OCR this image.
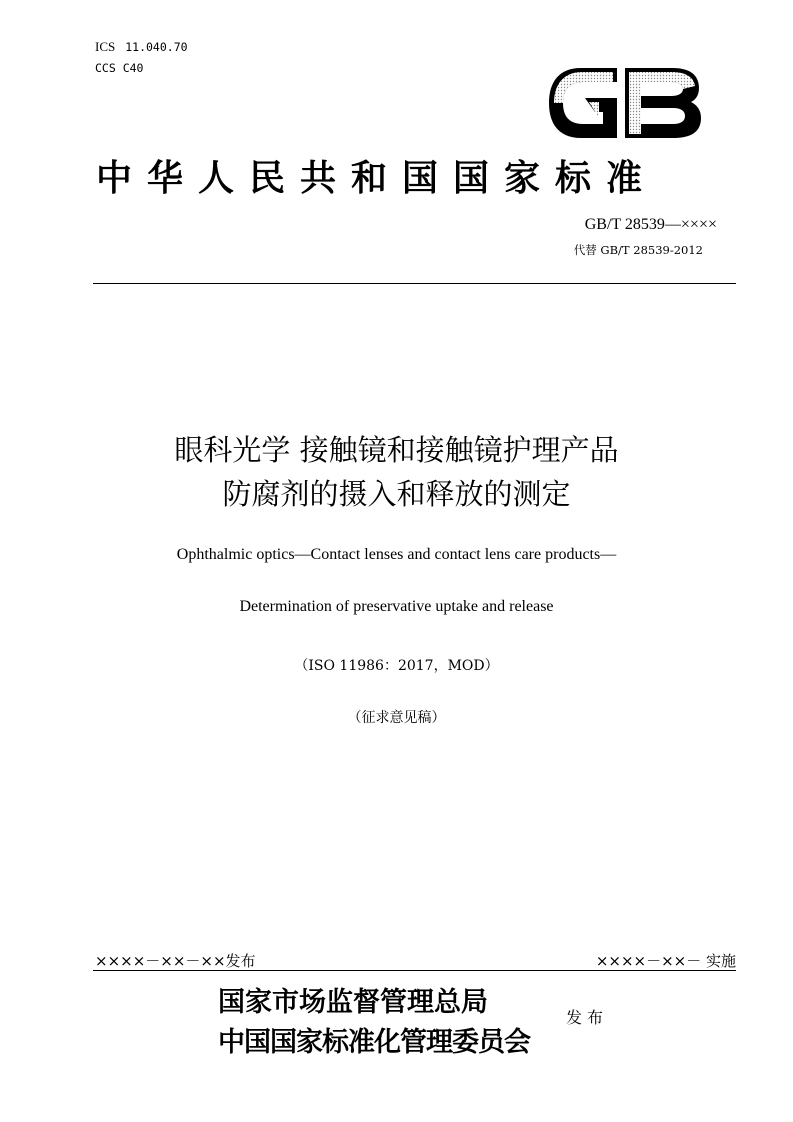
ICS 11.040.70
CCS C40
中华人民共和国国家标准
GB/T 28539—××××
代替 GB/T 28539-2012
眼科光学 接触镜和接触镜护理产品
防腐剂的摄入和释放的测定
Ophthalmic optics—Contact lenses and contact lens care products—
Determination of preservative uptake and release
（ISO 11986：2017，MOD）
（征求意见稿）
××××－××－××发布	××××－××－ 实施
国家市场监督管理总局
中国国家标准化管理委员会
发布
